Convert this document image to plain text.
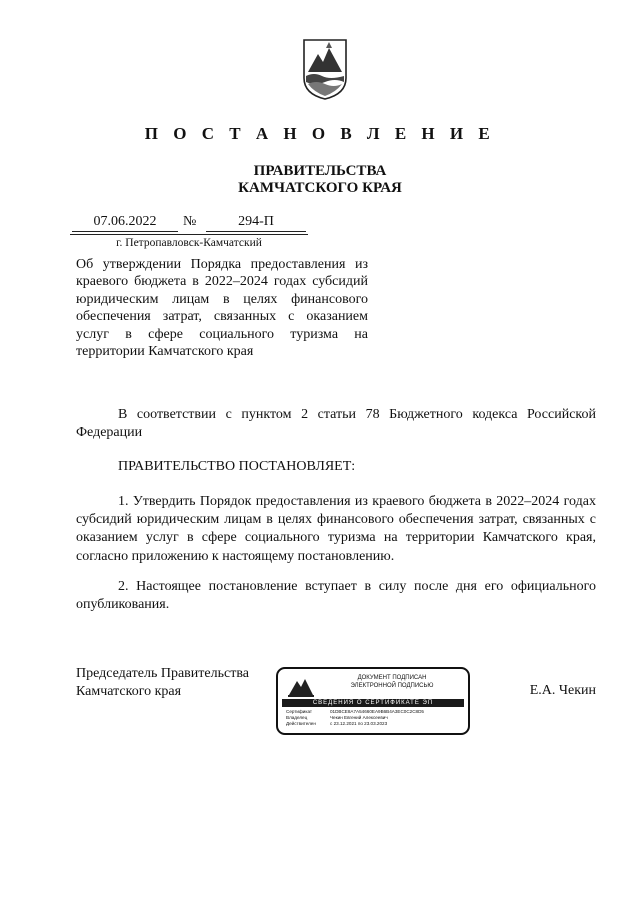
П О С Т А Н О В Л Е Н И Е
ПРАВИТЕЛЬСТВА
КАМЧАТСКОГО КРАЯ
07.06.2022	№	294-П
г. Петропавловск-Камчатский
Об утверждении Порядка предоставления из краевого бюджета в 2022–2024 годах субсидий юридическим лицам в целях финансового обеспечения затрат, связанных с оказанием услуг в сфере социального туризма на территории Камчатского края
В соответствии с пунктом 2 статьи 78 Бюджетного кодекса Российской Федерации
ПРАВИТЕЛЬСТВО ПОСТАНОВЛЯЕТ:
1. Утвердить Порядок предоставления из краевого бюджета в 2022–2024 годах субсидий юридическим лицам в целях финансового обеспечения затрат, связанных с оказанием услуг в сфере социального туризма на территории Камчатского края, согласно приложению к настоящему постановлению.
2. Настоящее постановление вступает в силу после дня его официального опубликования.
Председатель Правительства
Камчатского края
ДОКУМЕНТ ПОДПИСАН
ЭЛЕКТРОННОЙ ПОДПИСЬЮ
СВЕДЕНИЯ О СЕРТИФИКАТЕ ЭП
Сертификат	01DBCE8A7A54660EA9B6B4A3EC0C2C8D5
Владелец	Чекин Евгений Алексеевич
Действителен	с 23.12.2021 по 23.03.2023
Е.А. Чекин
